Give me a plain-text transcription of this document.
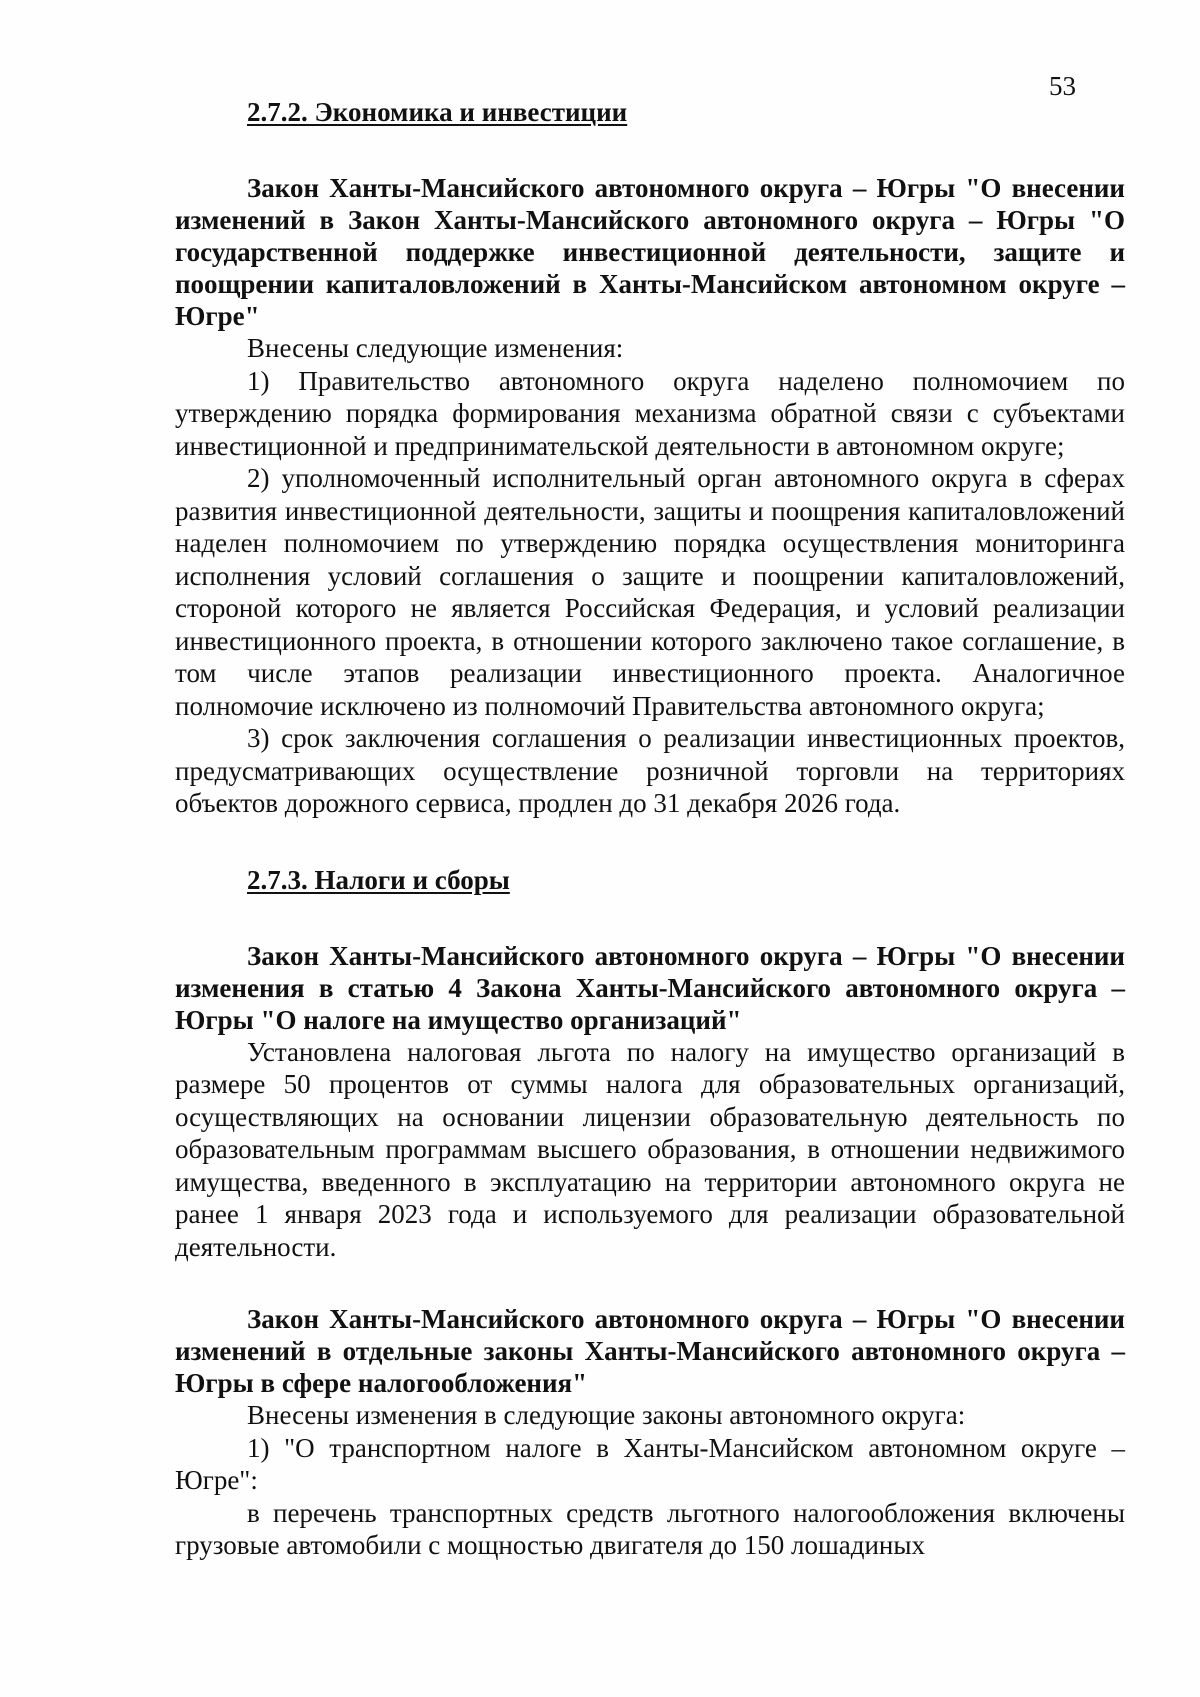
53
2.7.2. Экономика и инвестиции
Закон Ханты-Мансийского автономного округа – Югры "О внесении изменений в Закон Ханты-Мансийского автономного округа – Югры "О государственной поддержке инвестиционной деятельности, защите и поощрении капиталовложений в Ханты-Мансийском автономном округе – Югре"

Внесены следующие изменения:

1) Правительство автономного округа наделено полномочием по утверждению порядка формирования механизма обратной связи с субъектами инвестиционной и предпринимательской деятельности в автономном округе;

2) уполномоченный исполнительный орган автономного округа в сферах развития инвестиционной деятельности, защиты и поощрения капиталовложений наделен полномочием по утверждению порядка осуществления мониторинга исполнения условий соглашения о защите и поощрении капиталовложений, стороной которого не является Российская Федерация, и условий реализации инвестиционного проекта, в отношении которого заключено такое соглашение, в том числе этапов реализации инвестиционного проекта. Аналогичное полномочие исключено из полномочий Правительства автономного округа;

3) срок заключения соглашения о реализации инвестиционных проектов, предусматривающих осуществление розничной торговли на территориях объектов дорожного сервиса, продлен до 31 декабря 2026 года.

2.7.3. Налоги и сборы
Закон Ханты-Мансийского автономного округа – Югры "О внесении изменения в статью 4 Закона Ханты-Мансийского автономного округа – Югры "О налоге на имущество организаций"

Установлена налоговая льгота по налогу на имущество организаций в размере 50 процентов от суммы налога для образовательных организаций, осуществляющих на основании лицензии образовательную деятельность по образовательным программам высшего образования, в отношении недвижимого имущества, введенного в эксплуатацию на территории автономного округа не ранее 1 января 2023 года и используемого для реализации образовательной деятельности.

Закон Ханты-Мансийского автономного округа – Югры "О внесении изменений в отдельные законы Ханты-Мансийского автономного округа – Югры в сфере налогообложения"

Внесены изменения в следующие законы автономного округа:

1) "О транспортном налоге в Ханты-Мансийском автономном округе – Югре":

в перечень транспортных средств льготного налогообложения включены грузовые автомобили с мощностью двигателя до 150 лошадиных
